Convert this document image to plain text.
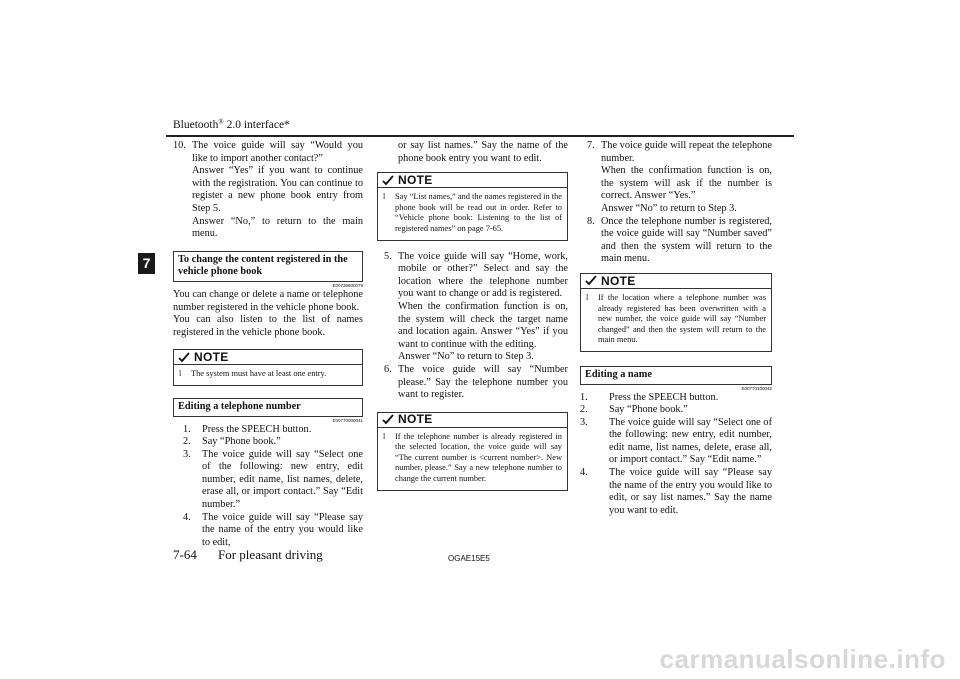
Bluetooth® 2.0 interface*
7
10. The voice guide will say “Would you like to import another contact?”
Answer “Yes” if you want to continue with the registration. You can continue to register a new phone book entry from Step 5.
Answer “No,” to return to the main menu.
To change the content registered in the vehicle phone book
E00739800079
You can change or delete a name or telephone number registered in the vehicle phone book.
You can also listen to the list of names registered in the vehicle phone book.
NOTE
l	The system must have at least one entry.
Editing a telephone number
E00770000041
1.	Press the SPEECH button.
2.	Say “Phone book.”
3.	The voice guide will say “Select one of the following: new entry, edit number, edit name, list names, delete, erase all, or import contact.” Say “Edit number.”
4.	The voice guide will say “Please say the name of the entry you would like to edit,
or say list names.” Say the name of the phone book entry you want to edit.
NOTE
l	Say “List names,” and the names registered in the phone book will be read out in order. Refer to “Vehicle phone book: Listening to the list of registered names” on page 7-65.
5. The voice guide will say “Home, work, mobile or other?” Select and say the location where the telephone number you want to change or add is registered.
When the confirmation function is on, the system will check the target name and location again. Answer “Yes” if you want to continue with the editing.
Answer “No” to return to Step 3.
6. The voice guide will say “Number please.” Say the telephone number you want to register.
NOTE
l	If the telephone number is already registered in the selected location, the voice guide will say “The current number is <current number>. New number, please.” Say a new telephone number to change the current number.
7. The voice guide will repeat the telephone number.
When the confirmation function is on, the system will ask if the number is correct. Answer “Yes.”
Answer “No” to return to Step 3.
8. Once the telephone number is registered, the voice guide will say “Number saved” and then the system will return to the main menu.
NOTE
l	If the location where a telephone number was already registered has been overwritten with a new number, the voice guide will say “Number changed” and then the system will return to the main menu.
Editing a name
E00770100042
1.	Press the SPEECH button.
2.	Say “Phone book.”
3.	The voice guide will say “Select one of the following: new entry, edit number, edit name, list names, delete, erase all, or import contact.” Say “Edit name.”
4.	The voice guide will say “Please say the name of the entry you would like to edit, or say list names.” Say the name you want to edit.
7-64 For pleasant driving	OGAE15E5
carmanualsonline.info
